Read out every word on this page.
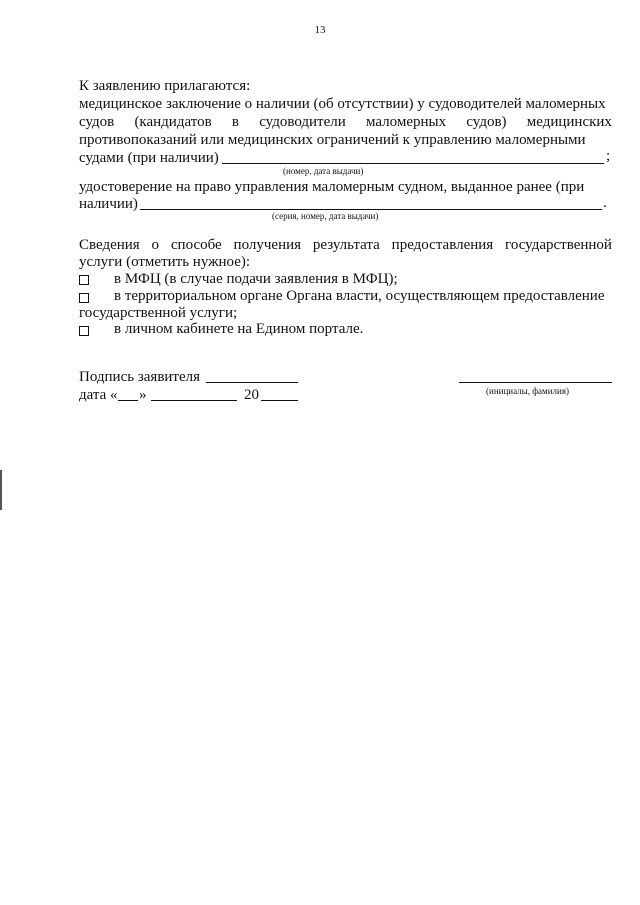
13
К заявлению прилагаются:
медицинское заключение о наличии (об отсутствии) у судоводителей маломерных
судов (кандидатов в судоводители маломерных судов) медицинских
противопоказаний или медицинских ограничений к управлению маломерными
судами (при наличии)	;
(номер, дата выдачи)
удостоверение на право управления маломерным судном, выданное ранее (при
наличии)	.
(серия, номер, дата выдачи)
Сведения о способе получения результата предоставления государственной
услуги (отметить нужное):
в МФЦ (в случае подачи заявления в МФЦ);
в территориальном органе Органа власти, осуществляющем предоставление
государственной услуги;
в личном кабинете на Едином портале.
Подпись заявителя
(инициалы, фамилия)
дата « »	20
